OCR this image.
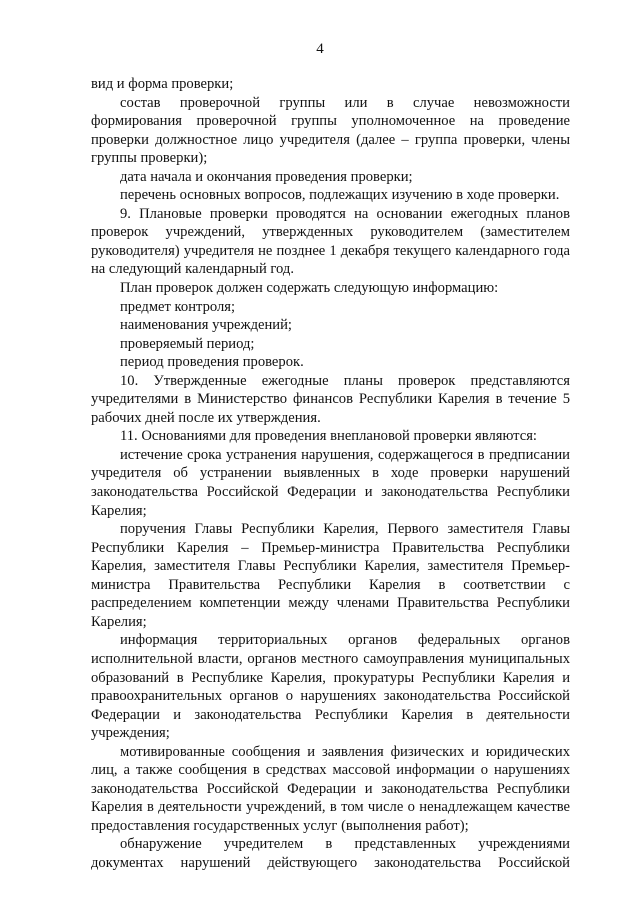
4

вид и форма проверки;

состав проверочной группы или в случае невозможности формирования проверочной группы уполномоченное на проведение проверки должностное лицо учредителя (далее – группа проверки, члены группы проверки);

дата начала и окончания проведения проверки;

перечень основных вопросов, подлежащих изучению в ходе проверки.

9. Плановые проверки проводятся на основании ежегодных планов проверок учреждений, утвержденных руководителем (заместителем руководителя) учредителя не позднее 1 декабря текущего календарного года на следующий календарный год.

План проверок должен содержать следующую информацию:

предмет контроля;

наименования учреждений;

проверяемый период;

период проведения проверок.

10. Утвержденные ежегодные планы проверок представляются учредителями в Министерство финансов Республики Карелия в течение 5 рабочих дней после их утверждения.

11. Основаниями для проведения внеплановой проверки являются:

истечение срока устранения нарушения, содержащегося в предписании учредителя об устранении выявленных в ходе проверки нарушений законодательства Российской Федерации и законодательства Республики Карелия;

поручения Главы Республики Карелия, Первого заместителя Главы Республики Карелия – Премьер-министра Правительства Республики Карелия, заместителя Главы Республики Карелия, заместителя Премьер-министра Правительства Республики Карелия в соответствии с распределением компетенции между членами Правительства Республики Карелия;

информация территориальных органов федеральных органов исполнительной власти, органов местного самоуправления муниципальных образований в Республике Карелия, прокуратуры Республики Карелия и правоохранительных органов о нарушениях законодательства Российской Федерации и законодательства Республики Карелия в деятельности учреждения;

мотивированные сообщения и заявления физических и юридических лиц, а также сообщения в средствах массовой информации о нарушениях законодательства Российской Федерации и законодательства Республики Карелия в деятельности учреждений, в том числе о ненадлежащем качестве предоставления государственных услуг (выполнения работ);

обнаружение учредителем в представленных учреждениями документах нарушений действующего законодательства Российской
